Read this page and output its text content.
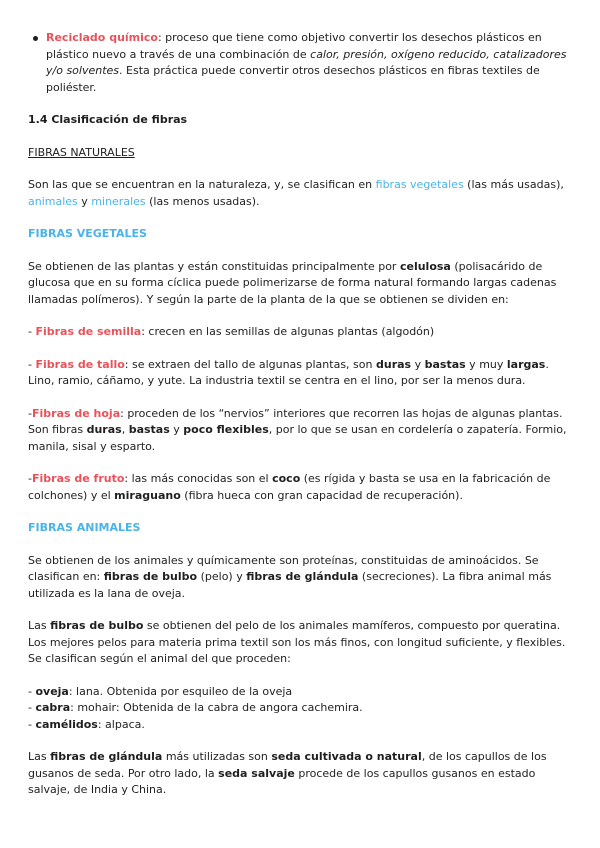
Reciclado químico: proceso que tiene como objetivo convertir los desechos plásticos en plástico nuevo a través de una combinación de calor, presión, oxígeno reducido, catalizadores y/o solventes. Esta práctica puede convertir otros desechos plásticos en fibras textiles de poliéster.

1.4 Clasificación de fibras

FIBRAS NATURALES

Son las que se encuentran en la naturaleza, y, se clasifican en fibras vegetales (las más usadas), animales y minerales (las menos usadas).

FIBRAS VEGETALES

Se obtienen de las plantas y están constituidas principalmente por celulosa (polisacárido de glucosa que en su forma cíclica puede polimerizarse de forma natural formando largas cadenas llamadas polímeros). Y según la parte de la planta de la que se obtienen se dividen en:

- Fibras de semilla: crecen en las semillas de algunas plantas (algodón)

- Fibras de tallo: se extraen del tallo de algunas plantas, son duras y bastas y muy largas. Lino, ramio, cáñamo, y yute. La industria textil se centra en el lino, por ser la menos dura.

-Fibras de hoja: proceden de los “nervios” interiores que recorren las hojas de algunas plantas. Son fibras duras, bastas y poco flexibles, por lo que se usan en cordelería o zapatería. Formio, manila, sisal y esparto.

-Fibras de fruto: las más conocidas son el coco (es rígida y basta se usa en la fabricación de colchones) y el miraguano (fibra hueca con gran capacidad de recuperación).

FIBRAS ANIMALES

Se obtienen de los animales y químicamente son proteínas, constituidas de aminoácidos. Se clasifican en: fibras de bulbo (pelo) y fibras de glándula (secreciones). La fibra animal más utilizada es la lana de oveja.

Las fibras de bulbo se obtienen del pelo de los animales mamíferos, compuesto por queratina. Los mejores pelos para materia prima textil son los más finos, con longitud suficiente, y flexibles. Se clasifican según el animal del que proceden:

- oveja: lana. Obtenida por esquileo de la oveja

- cabra: mohair: Obtenida de la cabra de angora cachemira.

- camélidos: alpaca.

Las fibras de glándula más utilizadas son seda cultivada o natural, de los capullos de los gusanos de seda. Por otro lado, la seda salvaje procede de los capullos gusanos en estado salvaje, de India y China.
